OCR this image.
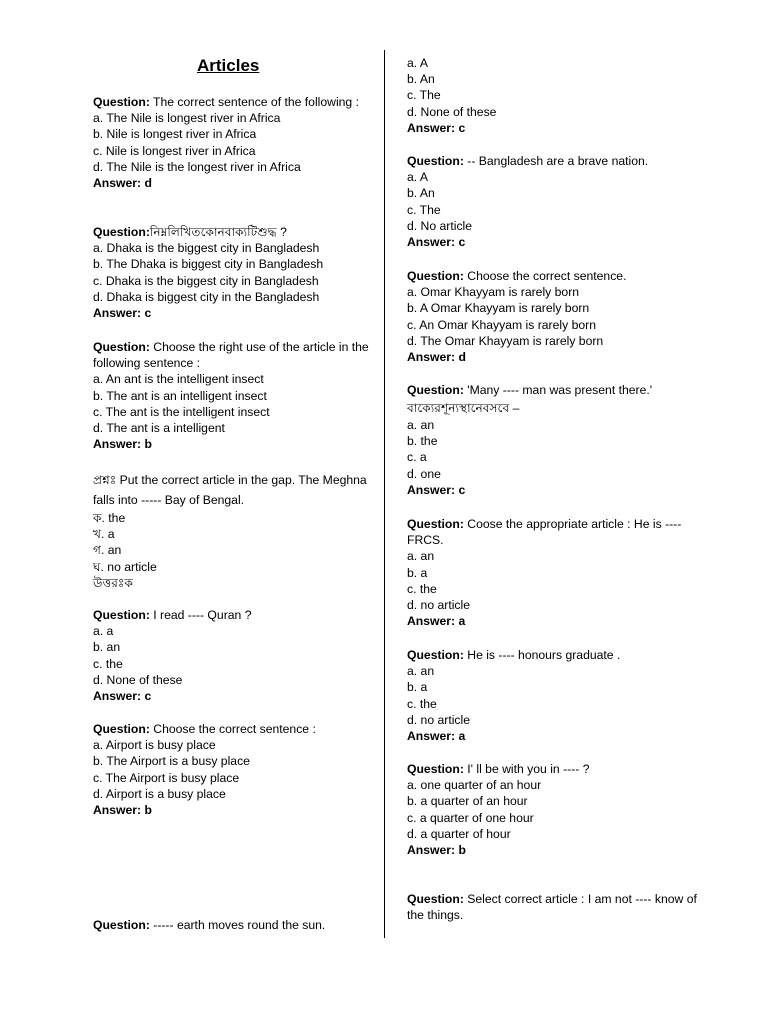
Articles
Question: The correct sentence of the following :
a. The Nile is longest river in Africa
b. Nile is longest river in Africa
c. Nile is longest river in Africa
d. The Nile is the longest river in Africa
Answer: d
Question:নিম্নলিখিতকোনবাক্যটিশুদ্ধ ?
a. Dhaka is the biggest city in Bangladesh
b. The Dhaka is biggest city in Bangladesh
c. Dhaka is the biggest city in Bangladesh
d. Dhaka is biggest city in the Bangladesh
Answer: c
Question: Choose the right use of the article in the following sentence :
a. An ant is the intelligent insect
b. The ant is an intelligent insect
c. The ant is the intelligent insect
d. The ant is a intelligent
Answer: b
প্রশ্নঃ Put the correct article in the gap. The Meghna falls into ----- Bay of Bengal.
ক. the
খ. a
গ. an
ঘ. no article
উত্তরঃক
Question: I read ---- Quran ?
a. a
b. an
c. the
d. None of these
Answer: c
Question: Choose the correct sentence :
a. Airport is busy place
b. The Airport is a busy place
c. The Airport is busy place
d. Airport is a busy place
Answer: b
Question: ----- earth moves round the sun.
a. A
b. An
c. The
d. None of these
Answer: c
Question: -- Bangladesh are a brave nation.
a. A
b. An
c. The
d. No article
Answer: c
Question: Choose the correct sentence.
a. Omar Khayyam is rarely born
b. A Omar Khayyam is rarely born
c. An Omar Khayyam is rarely born
d. The Omar Khayyam is rarely born
Answer: d
Question: 'Many ---- man was present there.' বাক্যেরশূন্যস্থানেবসবে –
a. an
b. the
c. a
d. one
Answer: c
Question: Coose the appropriate article : He is ---- FRCS.
a. an
b. a
c. the
d. no article
Answer: a
Question: He is ---- honours graduate .
a. an
b. a
c. the
d. no article
Answer: a
Question: I' ll be with you in ---- ?
a. one quarter of an hour
b. a quarter of an hour
c. a quarter of one hour
d. a quarter of hour
Answer: b
Question: Select correct article : I am not ---- know of the things.
